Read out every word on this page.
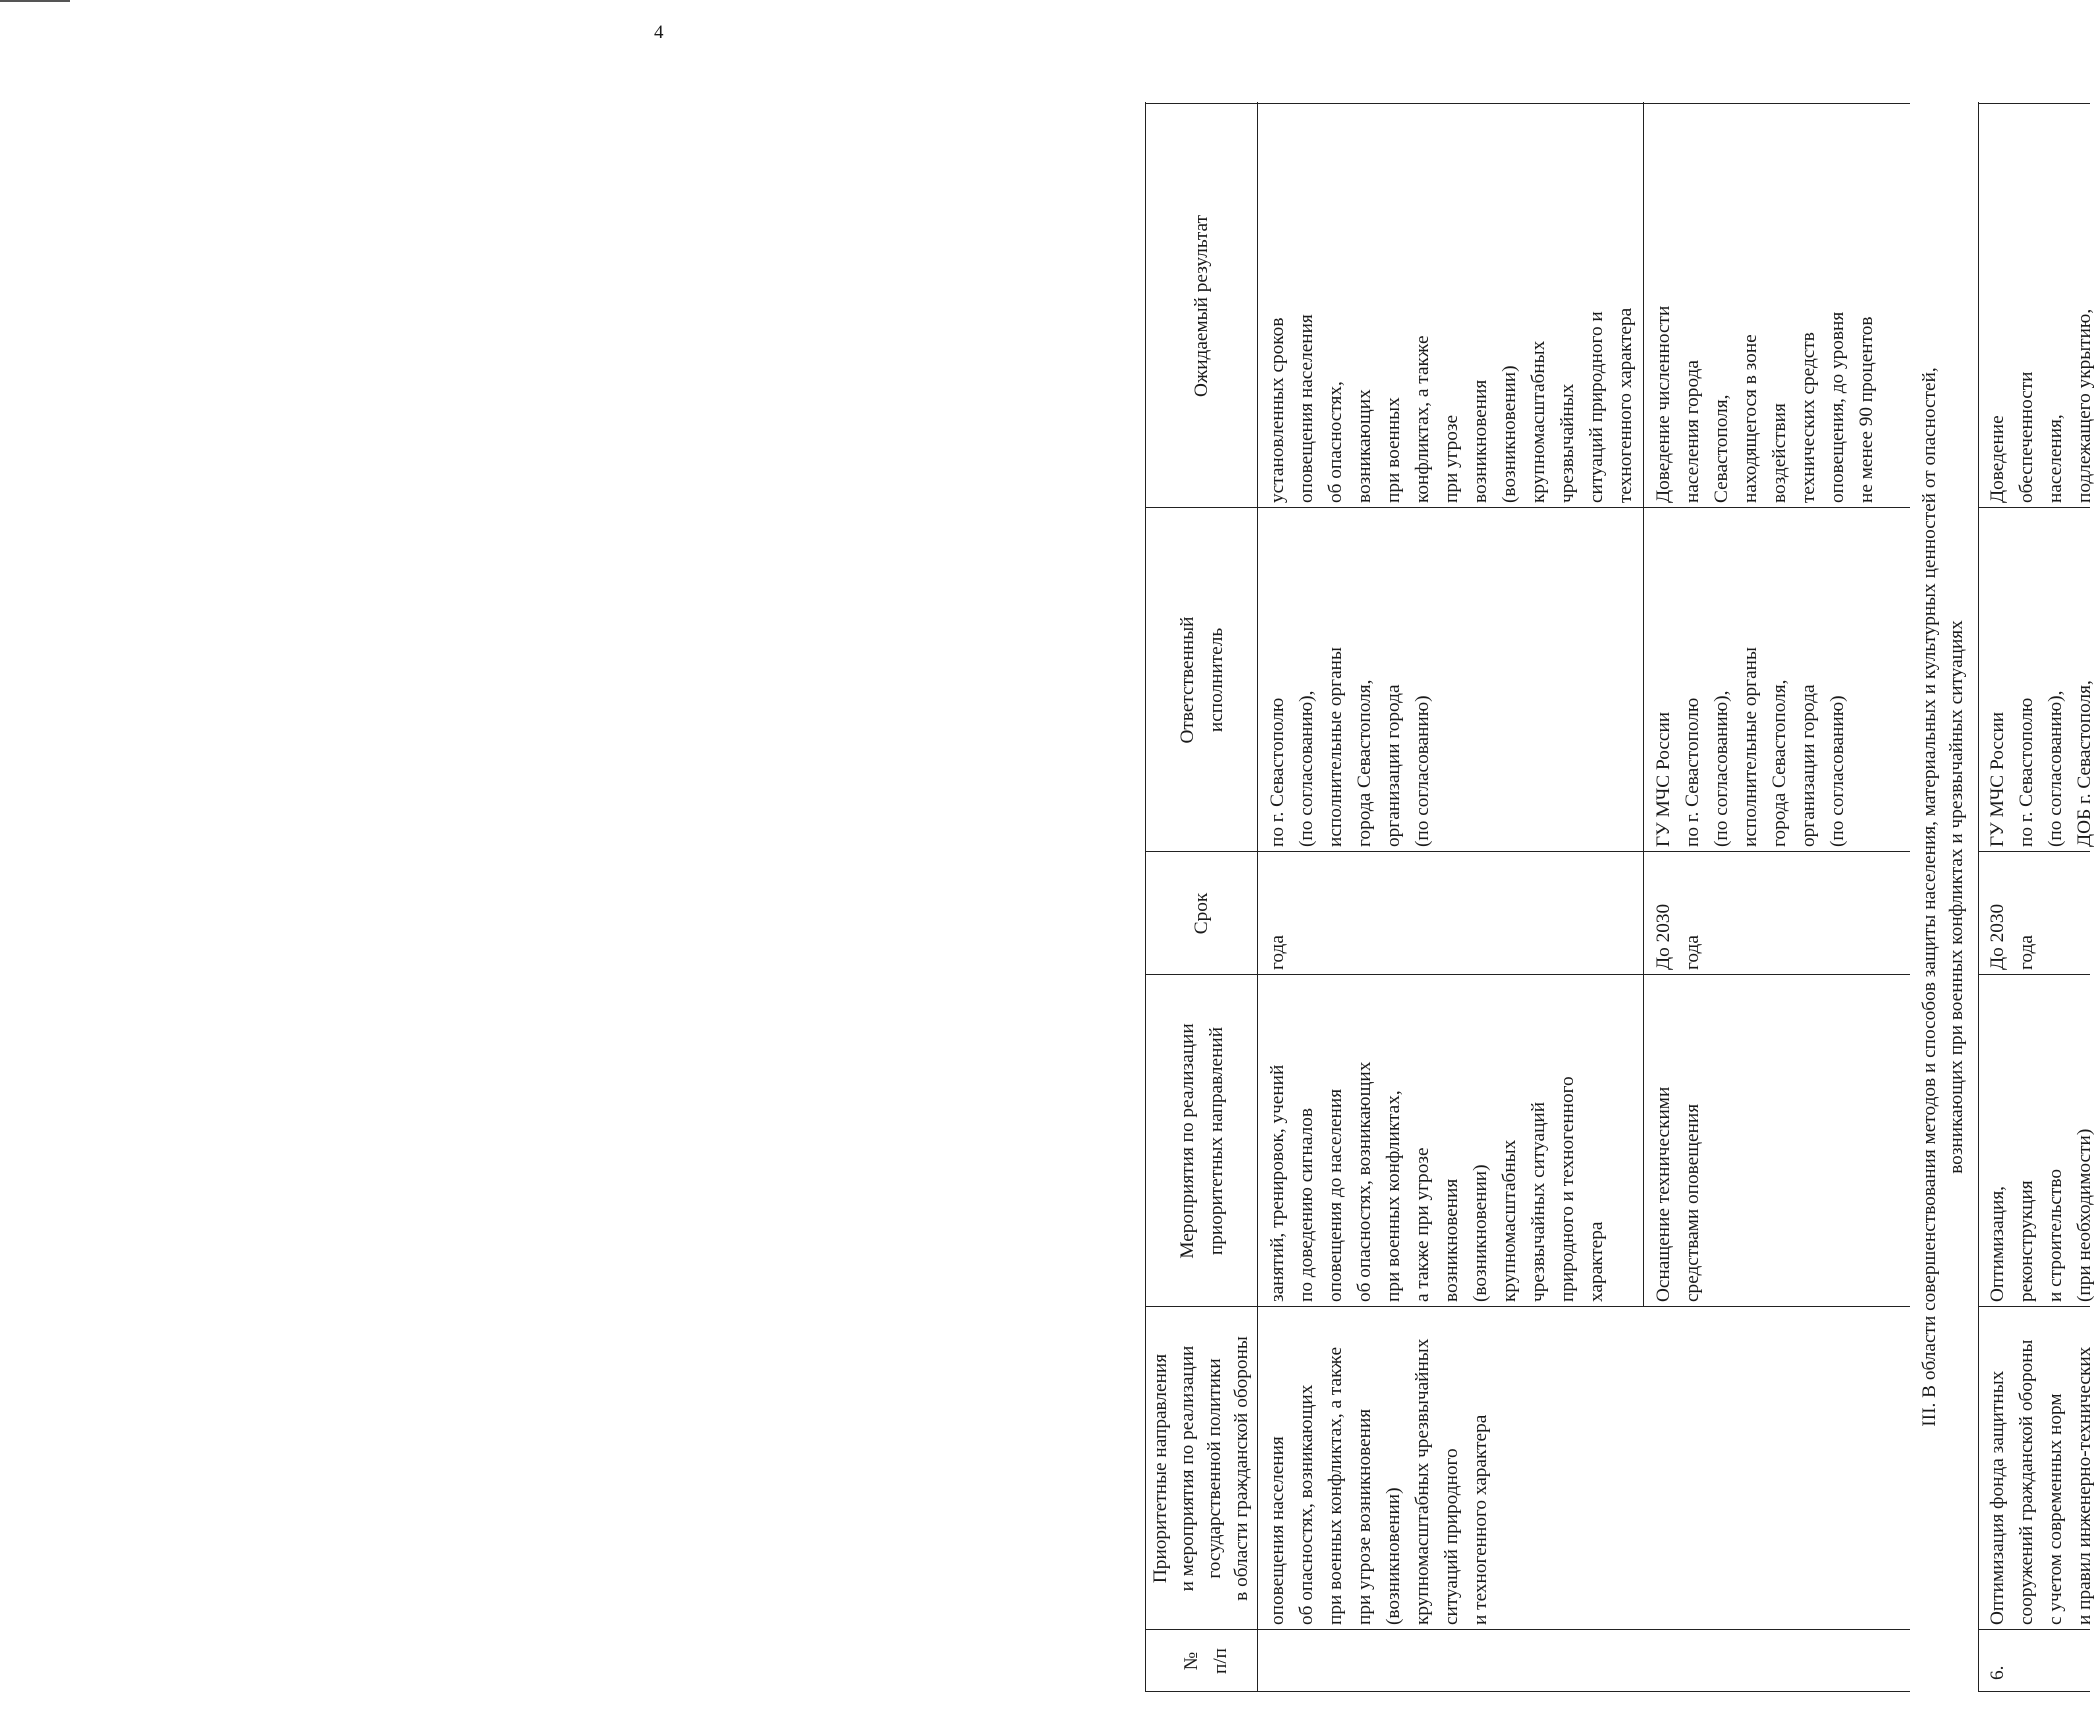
4
№ п/п
Приоритетные направления и мероприятия по реализации государственной политики в области гражданской обороны
Мероприятия по реализации приоритетных направлений
Срок
Ответственный исполнитель
Ожидаемый результат
оповещения населения об опасностях, возникающих при военных конфликтах, а также при угрозе возникновения (возникновении) крупномасштабных чрезвычайных ситуаций природного и техногенного характера
занятий, тренировок, учений по доведению сигналов оповещения до населения об опасностях, возникающих при военных конфликтах, а также при угрозе возникновения (возникновении) крупномасштабных чрезвычайных ситуаций природного и техногенного характера
года
по г. Севастополю (по согласованию), исполнительные органы города Севастополя, организации города (по согласованию)
установленных сроков оповещения населения об опасностях, возникающих при военных конфликтах, а также при угрозе возникновения (возникновении) крупномасштабных чрезвычайных ситуаций природного и техногенного характера
Оснащение техническими средствами оповещения
До 2030 года
ГУ МЧС России по г. Севастополю (по согласованию), исполнительные органы города Севастополя, организации города (по согласованию)
Доведение численности населения города Севастополя, находящегося в зоне воздействия технических средств оповещения, до уровня не менее 90 процентов III. В области совершенствования методов и способов защиты населения, материальных и культурных ценностей от опасностей, возникающих при военных конфликтах и чрезвычайных ситуациях
6.
Оптимизация фонда защитных сооружений гражданской обороны с учетом современных норм и правил инженерно-технических
Оптимизация, реконструкция и строительство (при необходимости)
До 2030 года
ГУ МЧС России по г. Севастополю (по согласованию), ДОБ г. Севастополя,
Доведение обеспеченности населения, подлежащего укрытию,
